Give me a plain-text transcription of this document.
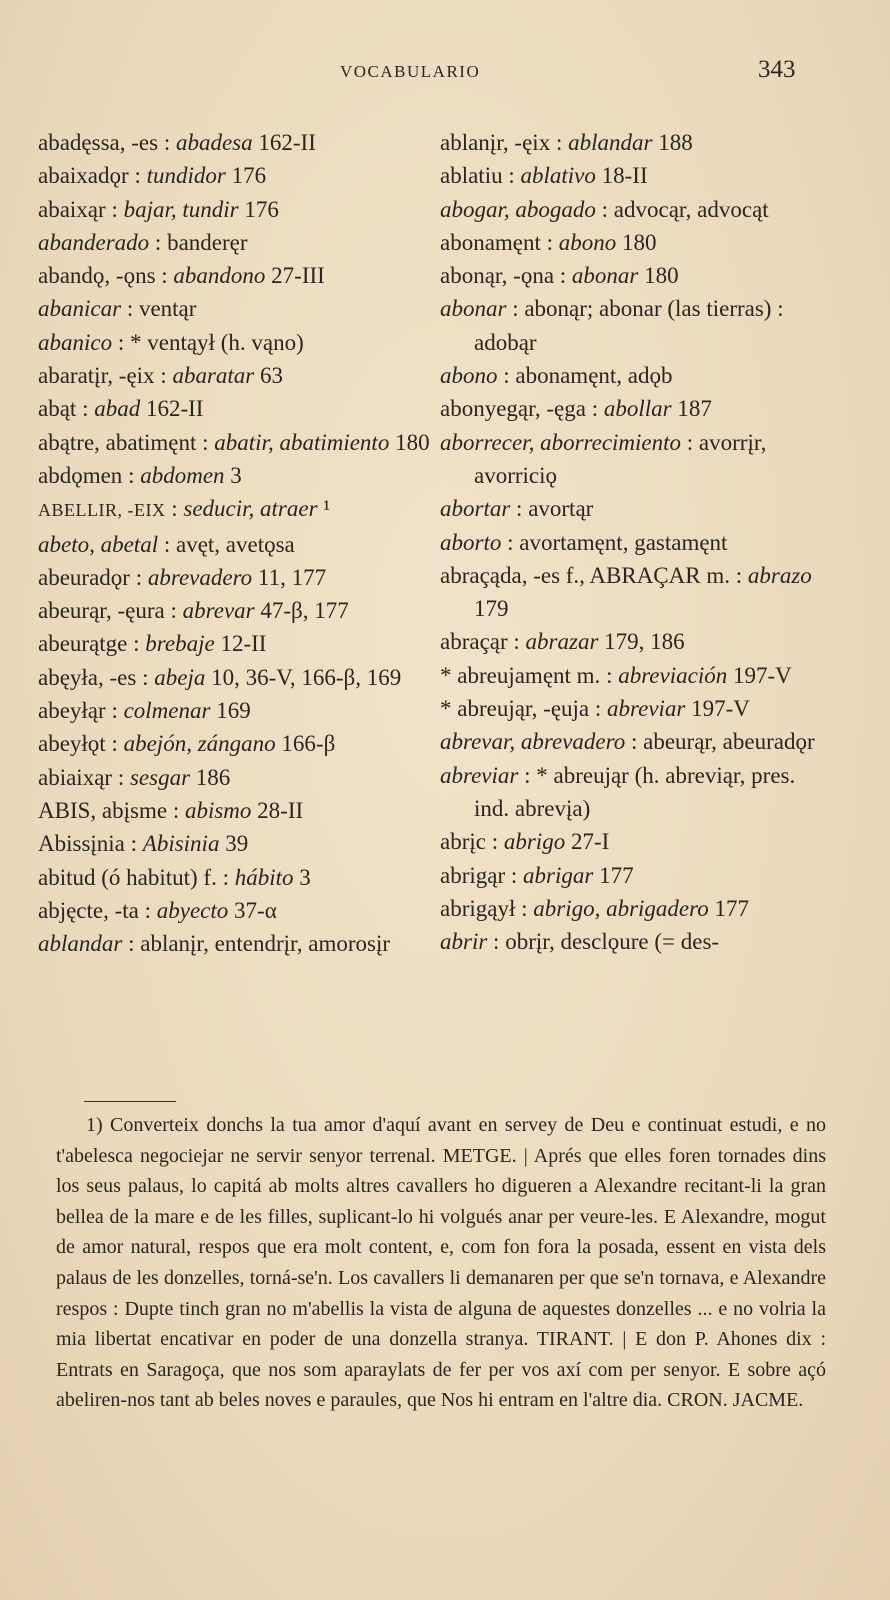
VOCABULARIO	343
abadęssa, -es : abadesa 162-II
abaixadǫr : tundidor 176
abaixąr : bajar, tundir 176
abanderado : banderęr
abandǫ, -ǫns : abandono 27-III
abanicar : ventąr
abanico : * ventąył (h. vąno)
abaratįr, -ęix : abaratar 63
abąt : abad 162-II
abątre, abatimęnt : abatir, abatimiento 180
abdǫmen : abdomen 3
ABELLIR, -EIX : seducir, atraer ¹
abeto, abetal : avęt, avetǫsa
abeuradǫr : abrevadero 11, 177
abeurąr, -ęura : abrevar 47-β, 177
abeurątge : brebaje 12-II
abęyła, -es : abeja 10, 36-V, 166-β, 169
abeyłąr : colmenar 169
abeyłǫt : abejón, zángano 166-β
abiaixąr : sesgar 186
ABIS, abįsme : abismo 28-II
Abissįnia : Abisinia 39
abitud (ó habitut) f. : hábito 3
abjęcte, -ta : abyecto 37-α
ablandar : ablanįr, entendrįr, amorosįr
ablanįr, -ęix : ablandar 188
ablatiu : ablativo 18-II
abogar, abogado : advocąr, advocąt
abonamęnt : abono 180
abonąr, -ǫna : abonar 180
abonar : abonąr; abonar (las tierras) : adobąr
abono : abonamęnt, adǫb
abonyegąr, -ęga : abollar 187
aborrecer, aborrecimiento : avorrįr, avorriciǫ
abortar : avortąr
aborto : avortamęnt, gastamęnt
abraçąda, -es f., ABRAÇAR m. : abrazo 179
abraçąr : abrazar 179, 186
* abreujamęnt m. : abreviación 197-V
* abreująr, -ęuja : abreviar 197-V
abrevar, abrevadero : abeurąr, abeuradǫr
abreviar : * abreująr (h. abreviąr, pres. ind. abrevįa)
abrįc : abrigo 27-I
abrigąr : abrigar 177
abrigąył : abrigo, abrigadero 177
abrir : obrįr, desclǫure (= des-
1) Converteix donchs la tua amor d'aquí avant en servey de Deu e continuat estudi, e no t'abelesca negociejar ne servir senyor terrenal. METGE. | Aprés que elles foren tornades dins los seus palaus, lo capitá ab molts altres cavallers ho digueren a Alexandre recitant-li la gran bellea de la mare e de les filles, suplicant-lo hi volgués anar per veure-les. E Alexandre, mogut de amor natural, respos que era molt content, e, com fon fora la posada, essent en vista dels palaus de les donzelles, torná-se'n. Los cavallers li demanaren per que se'n tornava, e Alexandre respos : Dupte tinch gran no m'abellis la vista de alguna de aquestes donzelles ... e no volria la mia libertat encativar en poder de una donzella stranya. TIRANT. | E don P. Ahones dix : Entrats en Saragoça, que nos som aparaylats de fer per vos axí com per senyor. E sobre açó abeliren-nos tant ab beles noves e paraules, que Nos hi entram en l'altre dia. CRON. JACME.
